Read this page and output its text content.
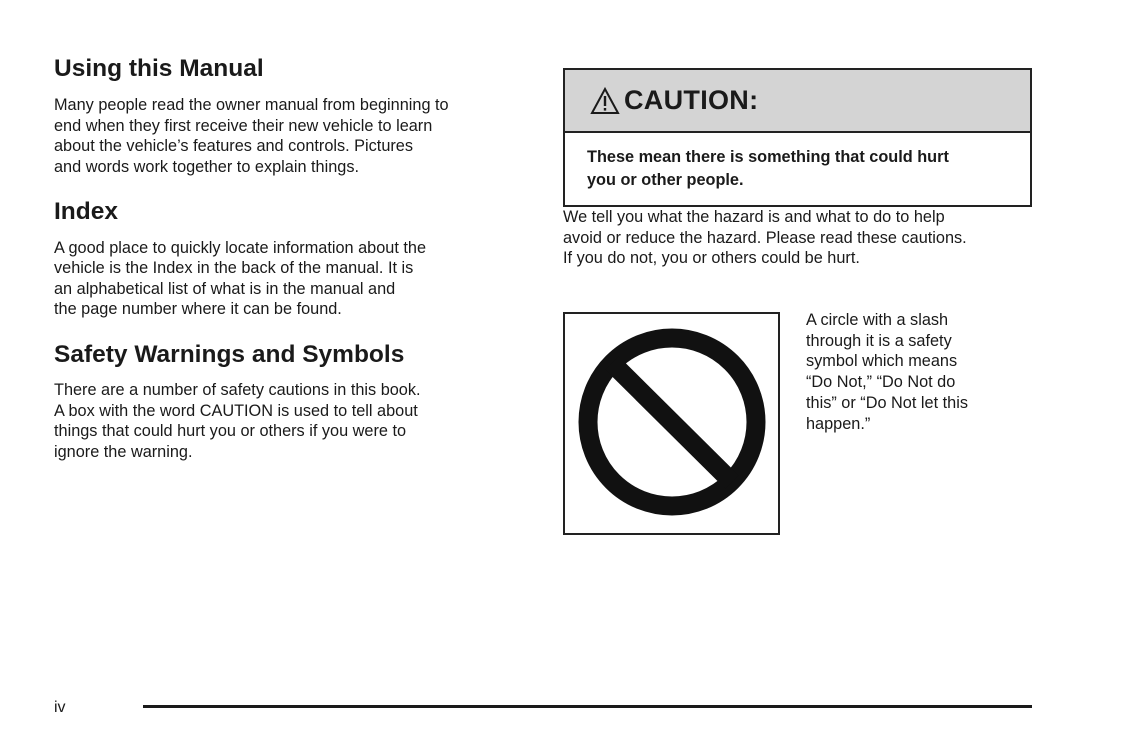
Using this Manual

Many people read the owner manual from beginning to
end when they first receive their new vehicle to learn
about the vehicle’s features and controls. Pictures
and words work together to explain things.

Index

A good place to quickly locate information about the
vehicle is the Index in the back of the manual. It is
an alphabetical list of what is in the manual and
the page number where it can be found.

Safety Warnings and Symbols

There are a number of safety cautions in this book.
A box with the word CAUTION is used to tell about
things that could hurt you or others if you were to
ignore the warning.

CAUTION:
These mean there is something that could hurt
you or other people.

We tell you what the hazard is and what to do to help
avoid or reduce the hazard. Please read these cautions.
If you do not, you or others could be hurt.

A circle with a slash
through it is a safety
symbol which means
“Do Not,” “Do Not do
this” or “Do Not let this
happen.”
iv
